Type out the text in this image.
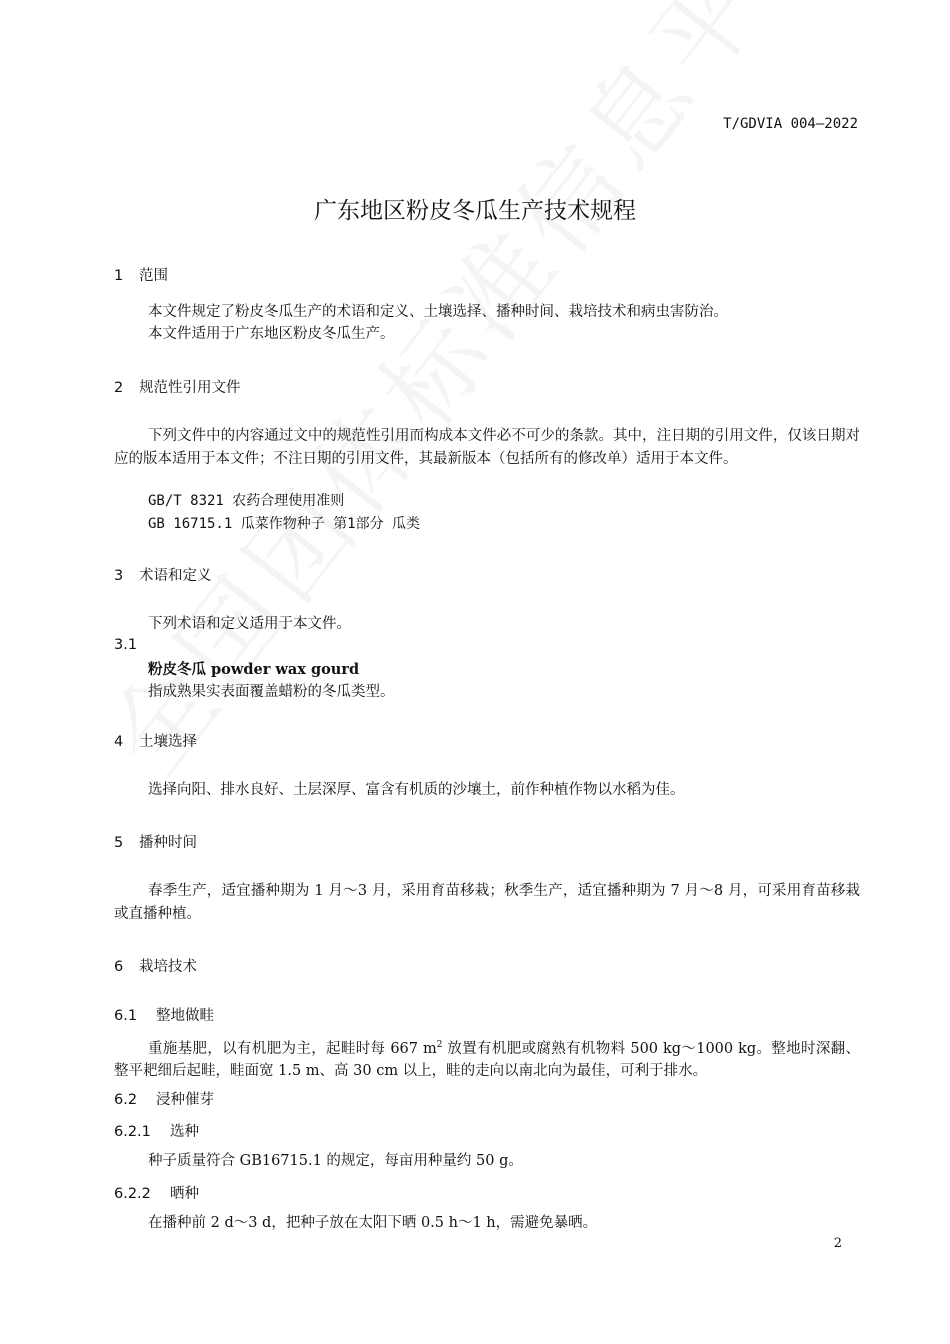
T/GDVIA 004—2022
广东地区粉皮冬瓜生产技术规程
1 范围
本文件规定了粉皮冬瓜生产的术语和定义、土壤选择、播种时间、栽培技术和病虫害防治。
本文件适用于广东地区粉皮冬瓜生产。
2 规范性引用文件
下列文件中的内容通过文中的规范性引用而构成本文件必不可少的条款。其中，注日期的引用文件，仅该日期对应的版本适用于本文件；不注日期的引用文件，其最新版本（包括所有的修改单）适用于本文件。
GB/T 8321 农药合理使用准则
GB 16715.1 瓜菜作物种子 第1部分 瓜类
3 术语和定义
下列术语和定义适用于本文件。
3.1
粉皮冬瓜 powder wax gourd
指成熟果实表面覆盖蜡粉的冬瓜类型。
4 土壤选择
选择向阳、排水良好、土层深厚、富含有机质的沙壤土，前作种植作物以水稻为佳。
5 播种时间
春季生产，适宜播种期为 1 月～3 月，采用育苗移栽；秋季生产，适宜播种期为 7 月～8 月，可采用育苗移栽或直播种植。
6 栽培技术
6.1 整地做畦
重施基肥，以有机肥为主，起畦时每 667 $m^2$ 放置有机肥或腐熟有机物料 500 kg～1000 kg。整地时深翻、整平耙细后起畦，畦面宽 1.5 m、高 30 cm 以上，畦的走向以南北向为最佳，可利于排水。
6.2 浸种催芽
6.2.1 选种
种子质量符合 GB16715.1 的规定，每亩用种量约 50 g。
6.2.2 晒种
在播种前 2 d～3 d，把种子放在太阳下晒 0.5 h～1 h，需避免暴晒。
2
